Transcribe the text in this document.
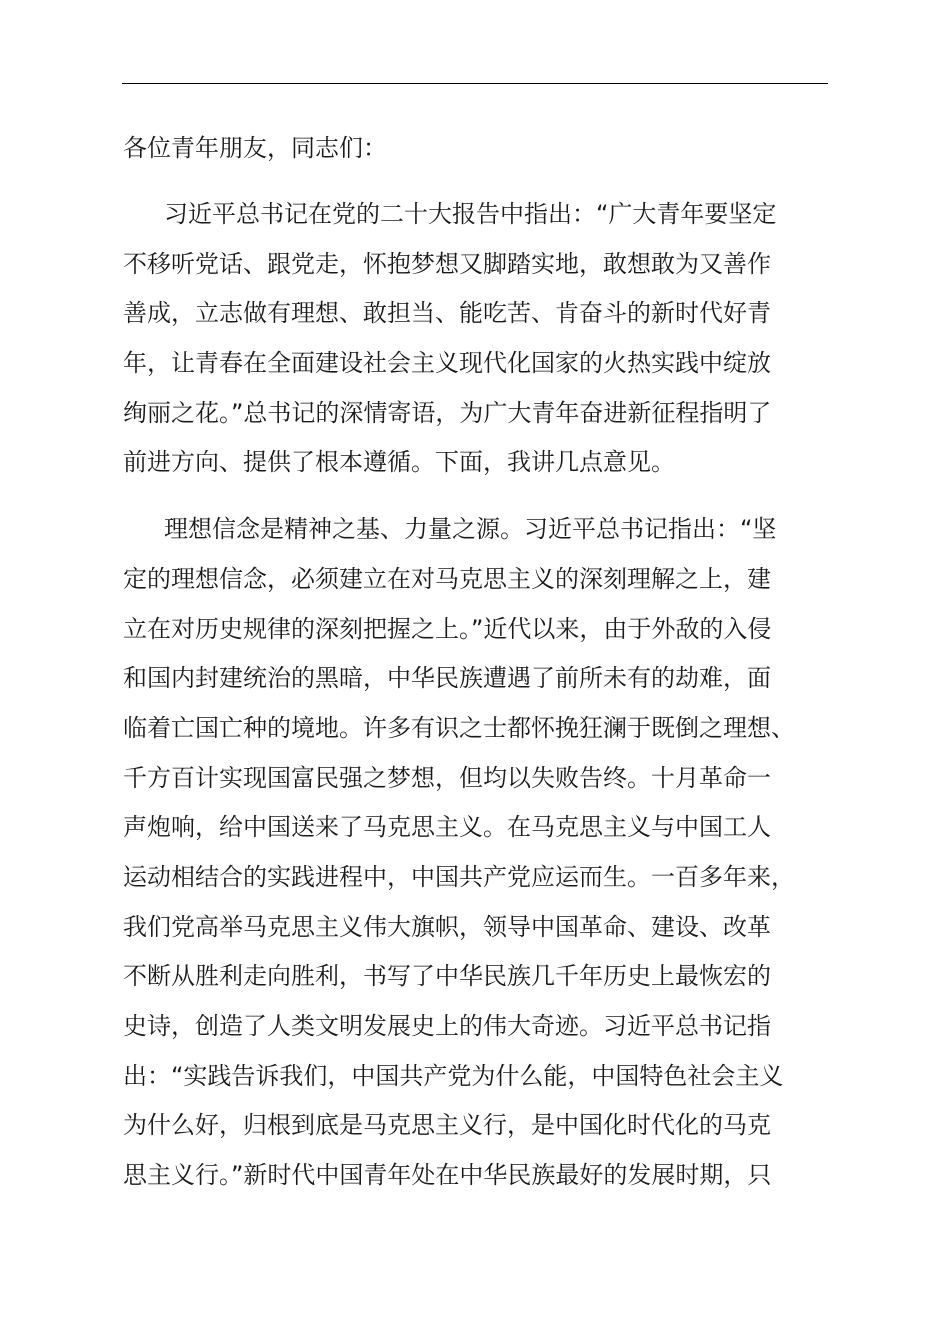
各位青年朋友，同志们：

习近平总书记在党的二十大报告中指出：“广大青年要坚定
不移听党话、跟党走，怀抱梦想又脚踏实地，敢想敢为又善作
善成，立志做有理想、敢担当、能吃苦、肯奋斗的新时代好青
年，让青春在全面建设社会主义现代化国家的火热实践中绽放
绚丽之花。”总书记的深情寄语，为广大青年奋进新征程指明了
前进方向、提供了根本遵循。下面，我讲几点意见。

理想信念是精神之基、力量之源。习近平总书记指出：“坚
定的理想信念，必须建立在对马克思主义的深刻理解之上，建
立在对历史规律的深刻把握之上。”近代以来，由于外敌的入侵
和国内封建统治的黑暗，中华民族遭遇了前所未有的劫难，面
临着亡国亡种的境地。许多有识之士都怀挽狂澜于既倒之理想、
千方百计实现国富民强之梦想，但均以失败告终。十月革命一
声炮响，给中国送来了马克思主义。在马克思主义与中国工人
运动相结合的实践进程中，中国共产党应运而生。一百多年来，
我们党高举马克思主义伟大旗帜，领导中国革命、建设、改革
不断从胜利走向胜利，书写了中华民族几千年历史上最恢宏的
史诗，创造了人类文明发展史上的伟大奇迹。习近平总书记指
出：“实践告诉我们，中国共产党为什么能，中国特色社会主义
为什么好，归根到底是马克思主义行，是中国化时代化的马克
思主义行。”新时代中国青年处在中华民族最好的发展时期，只
